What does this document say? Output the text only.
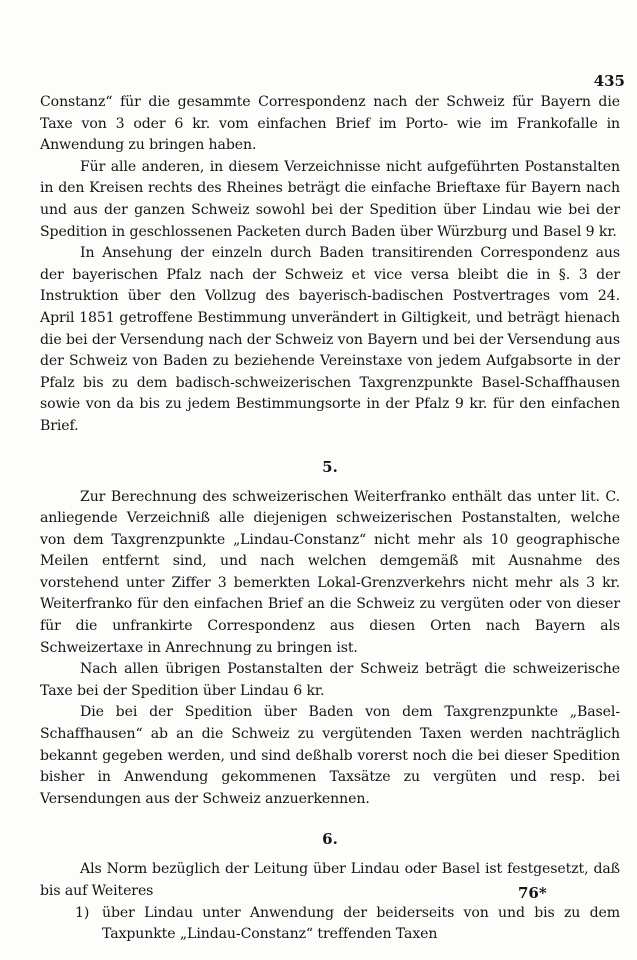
435

Constanz“ für die gesammte Correspondenz nach der Schweiz für Bayern die Taxe von 3 oder 6 kr. vom einfachen Brief im Porto- wie im Frankofalle in Anwendung zu bringen haben.

Für alle anderen, in diesem Verzeichnisse nicht aufgeführten Postanstalten in den Kreisen rechts des Rheines beträgt die einfache Brieftaxe für Bayern nach und aus der ganzen Schweiz sowohl bei der Spedition über Lindau wie bei der Spedition in geschlossenen Packeten durch Baden über Würzburg und Basel 9 kr.

In Ansehung der einzeln durch Baden transitirenden Correspondenz aus der bayerischen Pfalz nach der Schweiz et vice versa bleibt die in §. 3 der Instruktion über den Vollzug des bayerisch-badischen Postvertrages vom 24. April 1851 getroffene Bestimmung unverändert in Giltigkeit, und beträgt hienach die bei der Versendung nach der Schweiz von Bayern und bei der Versendung aus der Schweiz von Baden zu beziehende Vereinstaxe von jedem Aufgabsorte in der Pfalz bis zu dem badisch-schweizerischen Taxgrenzpunkte Basel-Schaffhausen sowie von da bis zu jedem Bestimmungsorte in der Pfalz 9 kr. für den einfachen Brief.

5.

Zur Berechnung des schweizerischen Weiterfranko enthält das unter lit. C. anliegende Verzeichniß alle diejenigen schweizerischen Postanstalten, welche von dem Taxgrenzpunkte „Lindau-Constanz“ nicht mehr als 10 geographische Meilen entfernt sind, und nach welchen demgemäß mit Ausnahme des vorstehend unter Ziffer 3 bemerkten Lokal-Grenzverkehrs nicht mehr als 3 kr. Weiterfranko für den einfachen Brief an die Schweiz zu vergüten oder von dieser für die unfrankirte Correspondenz aus diesen Orten nach Bayern als Schweizertaxe in Anrechnung zu bringen ist.

Nach allen übrigen Postanstalten der Schweiz beträgt die schweizerische Taxe bei der Spedition über Lindau 6 kr.

Die bei der Spedition über Baden von dem Taxgrenzpunkte „Basel-Schaffhausen“ ab an die Schweiz zu vergütenden Taxen werden nachträglich bekannt gegeben werden, und sind deßhalb vorerst noch die bei dieser Spedition bisher in Anwendung gekommenen Taxsätze zu vergüten und resp. bei Versendungen aus der Schweiz anzuerkennen.

6.

Als Norm bezüglich der Leitung über Lindau oder Basel ist festgesetzt, daß bis auf Weiteres

1) über Lindau unter Anwendung der beiderseits von und bis zu dem Taxpunkte „Lindau-Constanz“ treffenden Taxen

76*
